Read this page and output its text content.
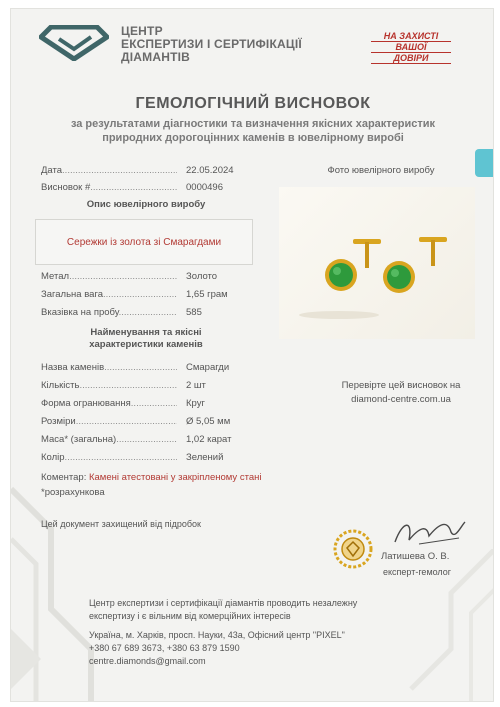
ЦЕНТР
ЕКСПЕРТИЗИ І СЕРТИФІКАЦІЇ
ДІАМАНТІВ
НА ЗАХИСТІ
ВАШОЇ
ДОВІРИ
ГЕМОЛОГІЧНИЙ ВИСНОВОК
за результатами діагностики та визначення якісних характеристик
природних дорогоцінних каменів в ювелірному виробі
Дата .....	22.05.2024
Висновок # .....	0000496
Опис ювелірного виробу
Сережки із золота зі Смарагдами
Метал .....	Золото
Загальна вага .....	1,65 грам
Вказівка на пробу .....	585
Найменування та якісні
характеристики каменів
Назва каменів .....	Смарагди
Кількість .....	2 шт
Форма огранювання .....	Круг
Розміри .....	Ø 5,05 мм
Маса* (загальна) .....	1,02 карат
Колір .....	Зелений
Коментар: Камені атестовані у закріпленому стані
*розрахункова
Фото ювелірного виробу
Перевірте цей висновок на
diamond-centre.com.ua
Цей документ захищений від підробок
Латишева О. В.
експерт-гемолог
Центр експертизи і сертифікації діамантів проводить незалежну
експертизу і є вільним від комерційних інтересів
Україна, м. Харків, просп. Науки, 43а, Офісний центр "PIXEL"
+380 67 689 3673, +380 63 879 1590
centre.diamonds@gmail.com
